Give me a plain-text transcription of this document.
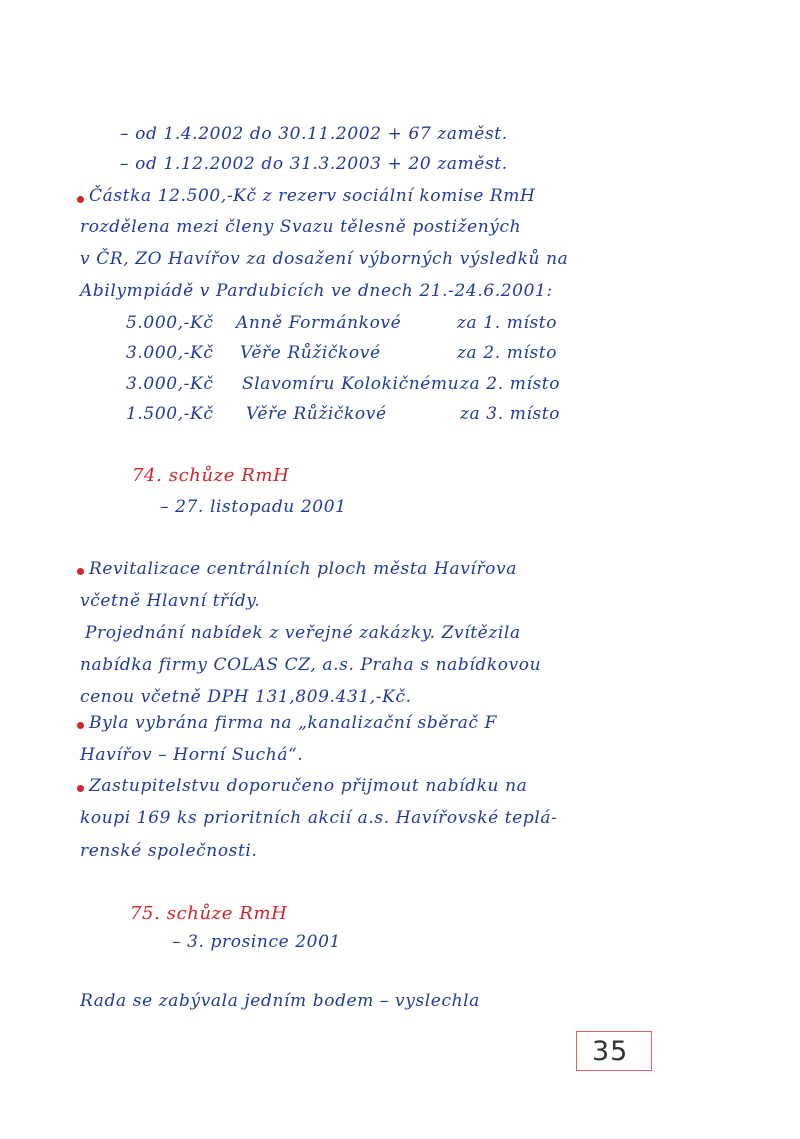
– od 1.4.2002 do 30.11.2002 + 67 zaměst.
– od 1.12.2002 do 31.3.2003 + 20 zaměst.
Částka 12.500,-Kč z rezerv sociální komise RmH
rozdělena mezi členy Svazu tělesně postižených
v ČR, ZO Havířov za dosažení výborných výsledků na
Abilympiádě v Pardubicích ve dnech 21.-24.6.2001:
5.000,-Kč Anně Formánkové	za 1. místo
3.000,-Kč Věře Růžičkové	za 2. místo
3.000,-Kč Slavomíru Kolokičnému za 2. místo
1.500,-Kč Věře Růžičkové	za 3. místo
74. schůze RmH
– 27. listopadu 2001
Revitalizace centrálních ploch města Havířova
včetně Hlavní třídy.
Projednání nabídek z veřejné zakázky. Zvítězila
nabídka firmy COLAS CZ, a.s. Praha s nabídkovou
cenou včetně DPH 131,809.431,-Kč.
Byla vybrána firma na „kanalizační sběrač F
Havířov – Horní Suchá“.
Zastupitelstvu doporučeno přijmout nabídku na
koupi 169 ks prioritních akcií a.s. Havířovské teplá-
renské společnosti.
75. schůze RmH
– 3. prosince 2001
Rada se zabývala jedním bodem – vyslechla
35
